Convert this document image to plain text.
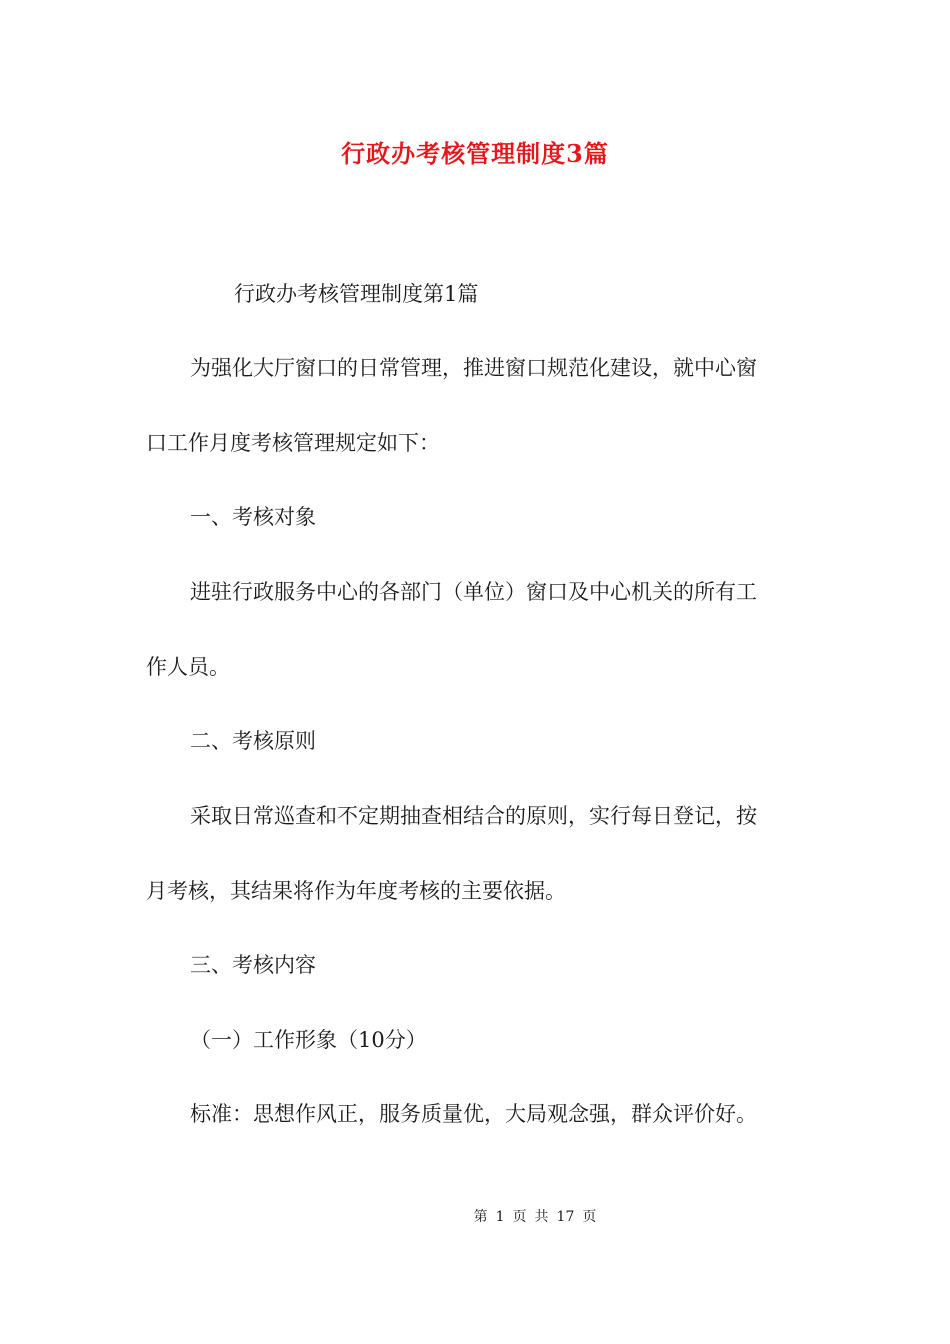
行政办考核管理制度3篇
行政办考核管理制度第1篇
为强化大厅窗口的日常管理，推进窗口规范化建设，就中心窗
口工作月度考核管理规定如下：
一、考核对象
进驻行政服务中心的各部门（单位）窗口及中心机关的所有工
作人员。
二、考核原则
采取日常巡查和不定期抽查相结合的原则，实行每日登记，按
月考核，其结果将作为年度考核的主要依据。
三、考核内容
（一）工作形象（10分）
标准：思想作风正，服务质量优，大局观念强，群众评价好。
第 1 页 共 17 页
